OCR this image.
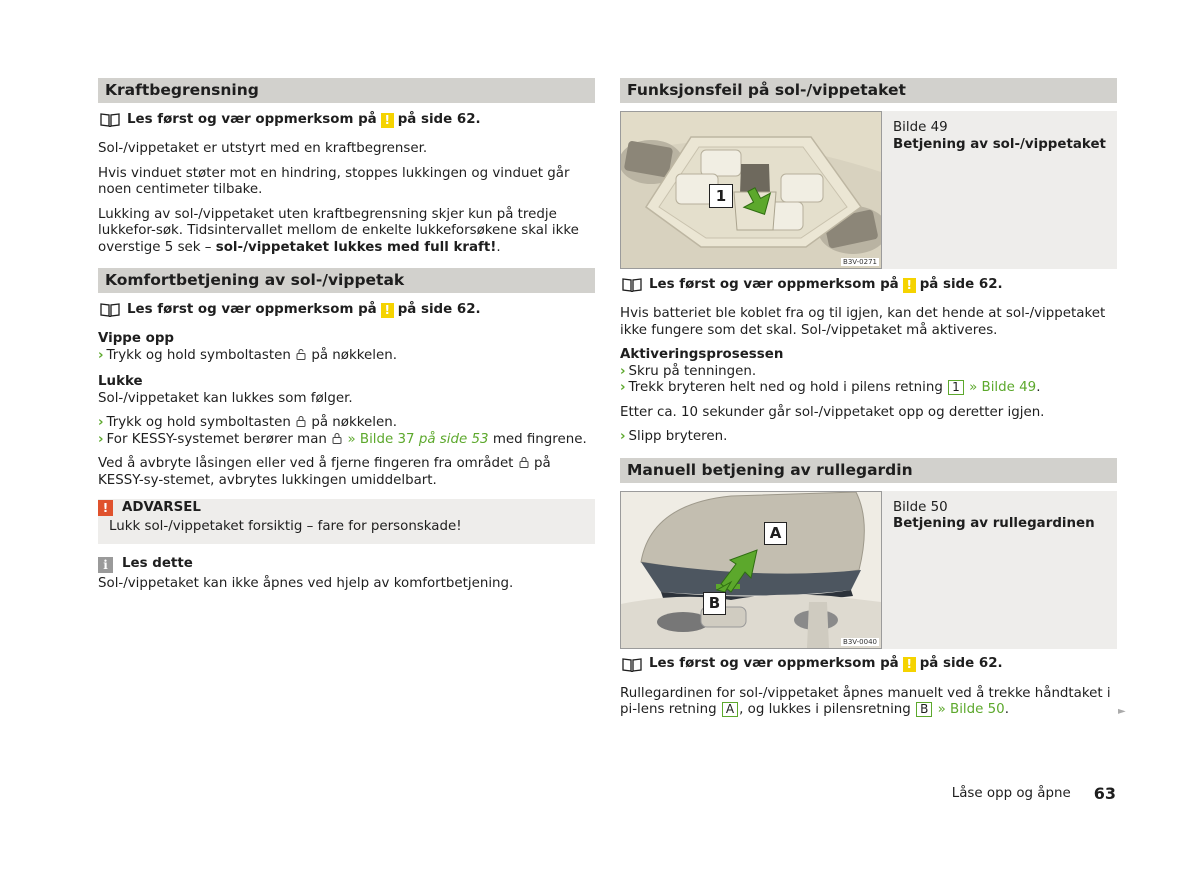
Kraftbegrensning
Les først og vær oppmerksom på ! på side 62.

Sol-/vippetaket er utstyrt med en kraftbegrenser.

Hvis vinduet støter mot en hindring, stoppes lukkingen og vinduet går noen centimeter tilbake.

Lukking av sol-/vippetaket uten kraftbegrensning skjer kun på tredje lukkefor-søk. Tidsintervallet mellom de enkelte lukkeforsøkene skal ikke overstige 5 sek – sol-/vippetaket lukkes med full kraft!.

Komfortbetjening av sol-/vippetak
Les først og vær oppmerksom på ! på side 62.

Vippe opp

› Trykk og hold symboltasten på nøkkelen.

Lukke

Sol-/vippetaket kan lukkes som følger.

› Trykk og hold symboltasten på nøkkelen.

› For KESSY-systemet berører man » Bilde 37 på side 53 med fingrene.

Ved å avbryte låsingen eller ved å fjerne fingeren fra området på KESSY-sy-stemet, avbrytes lukkingen umiddelbart.

!	ADVARSEL
Lukk sol-/vippetaket forsiktig – fare for personskade!
i	Les dette

Sol-/vippetaket kan ikke åpnes ved hjelp av komfortbetjening.

Funksjonsfeil på sol-/vippetaket
1
B3V-0271
Bilde 49
Betjening av sol-/vippetaket
Les først og vær oppmerksom på ! på side 62.

Hvis batteriet ble koblet fra og til igjen, kan det hende at sol-/vippetaket ikke fungere som det skal. Sol-/vippetaket må aktiveres.

Aktiveringsprosessen

› Skru på tenningen.

› Trekk bryteren helt ned og hold i pilens retning 1 » Bilde 49.

Etter ca. 10 sekunder går sol-/vippetaket opp og deretter igjen.

› Slipp bryteren.

Manuell betjening av rullegardin
A
B
B3V-0040
Bilde 50
Betjening av rullegardinen
Les først og vær oppmerksom på ! på side 62.

Rullegardinen for sol-/vippetaket åpnes manuelt ved å trekke håndtaket i pi-lens retning A , og lukkes i pilensretning B » Bilde 50.	►
Låse opp og åpne 63
